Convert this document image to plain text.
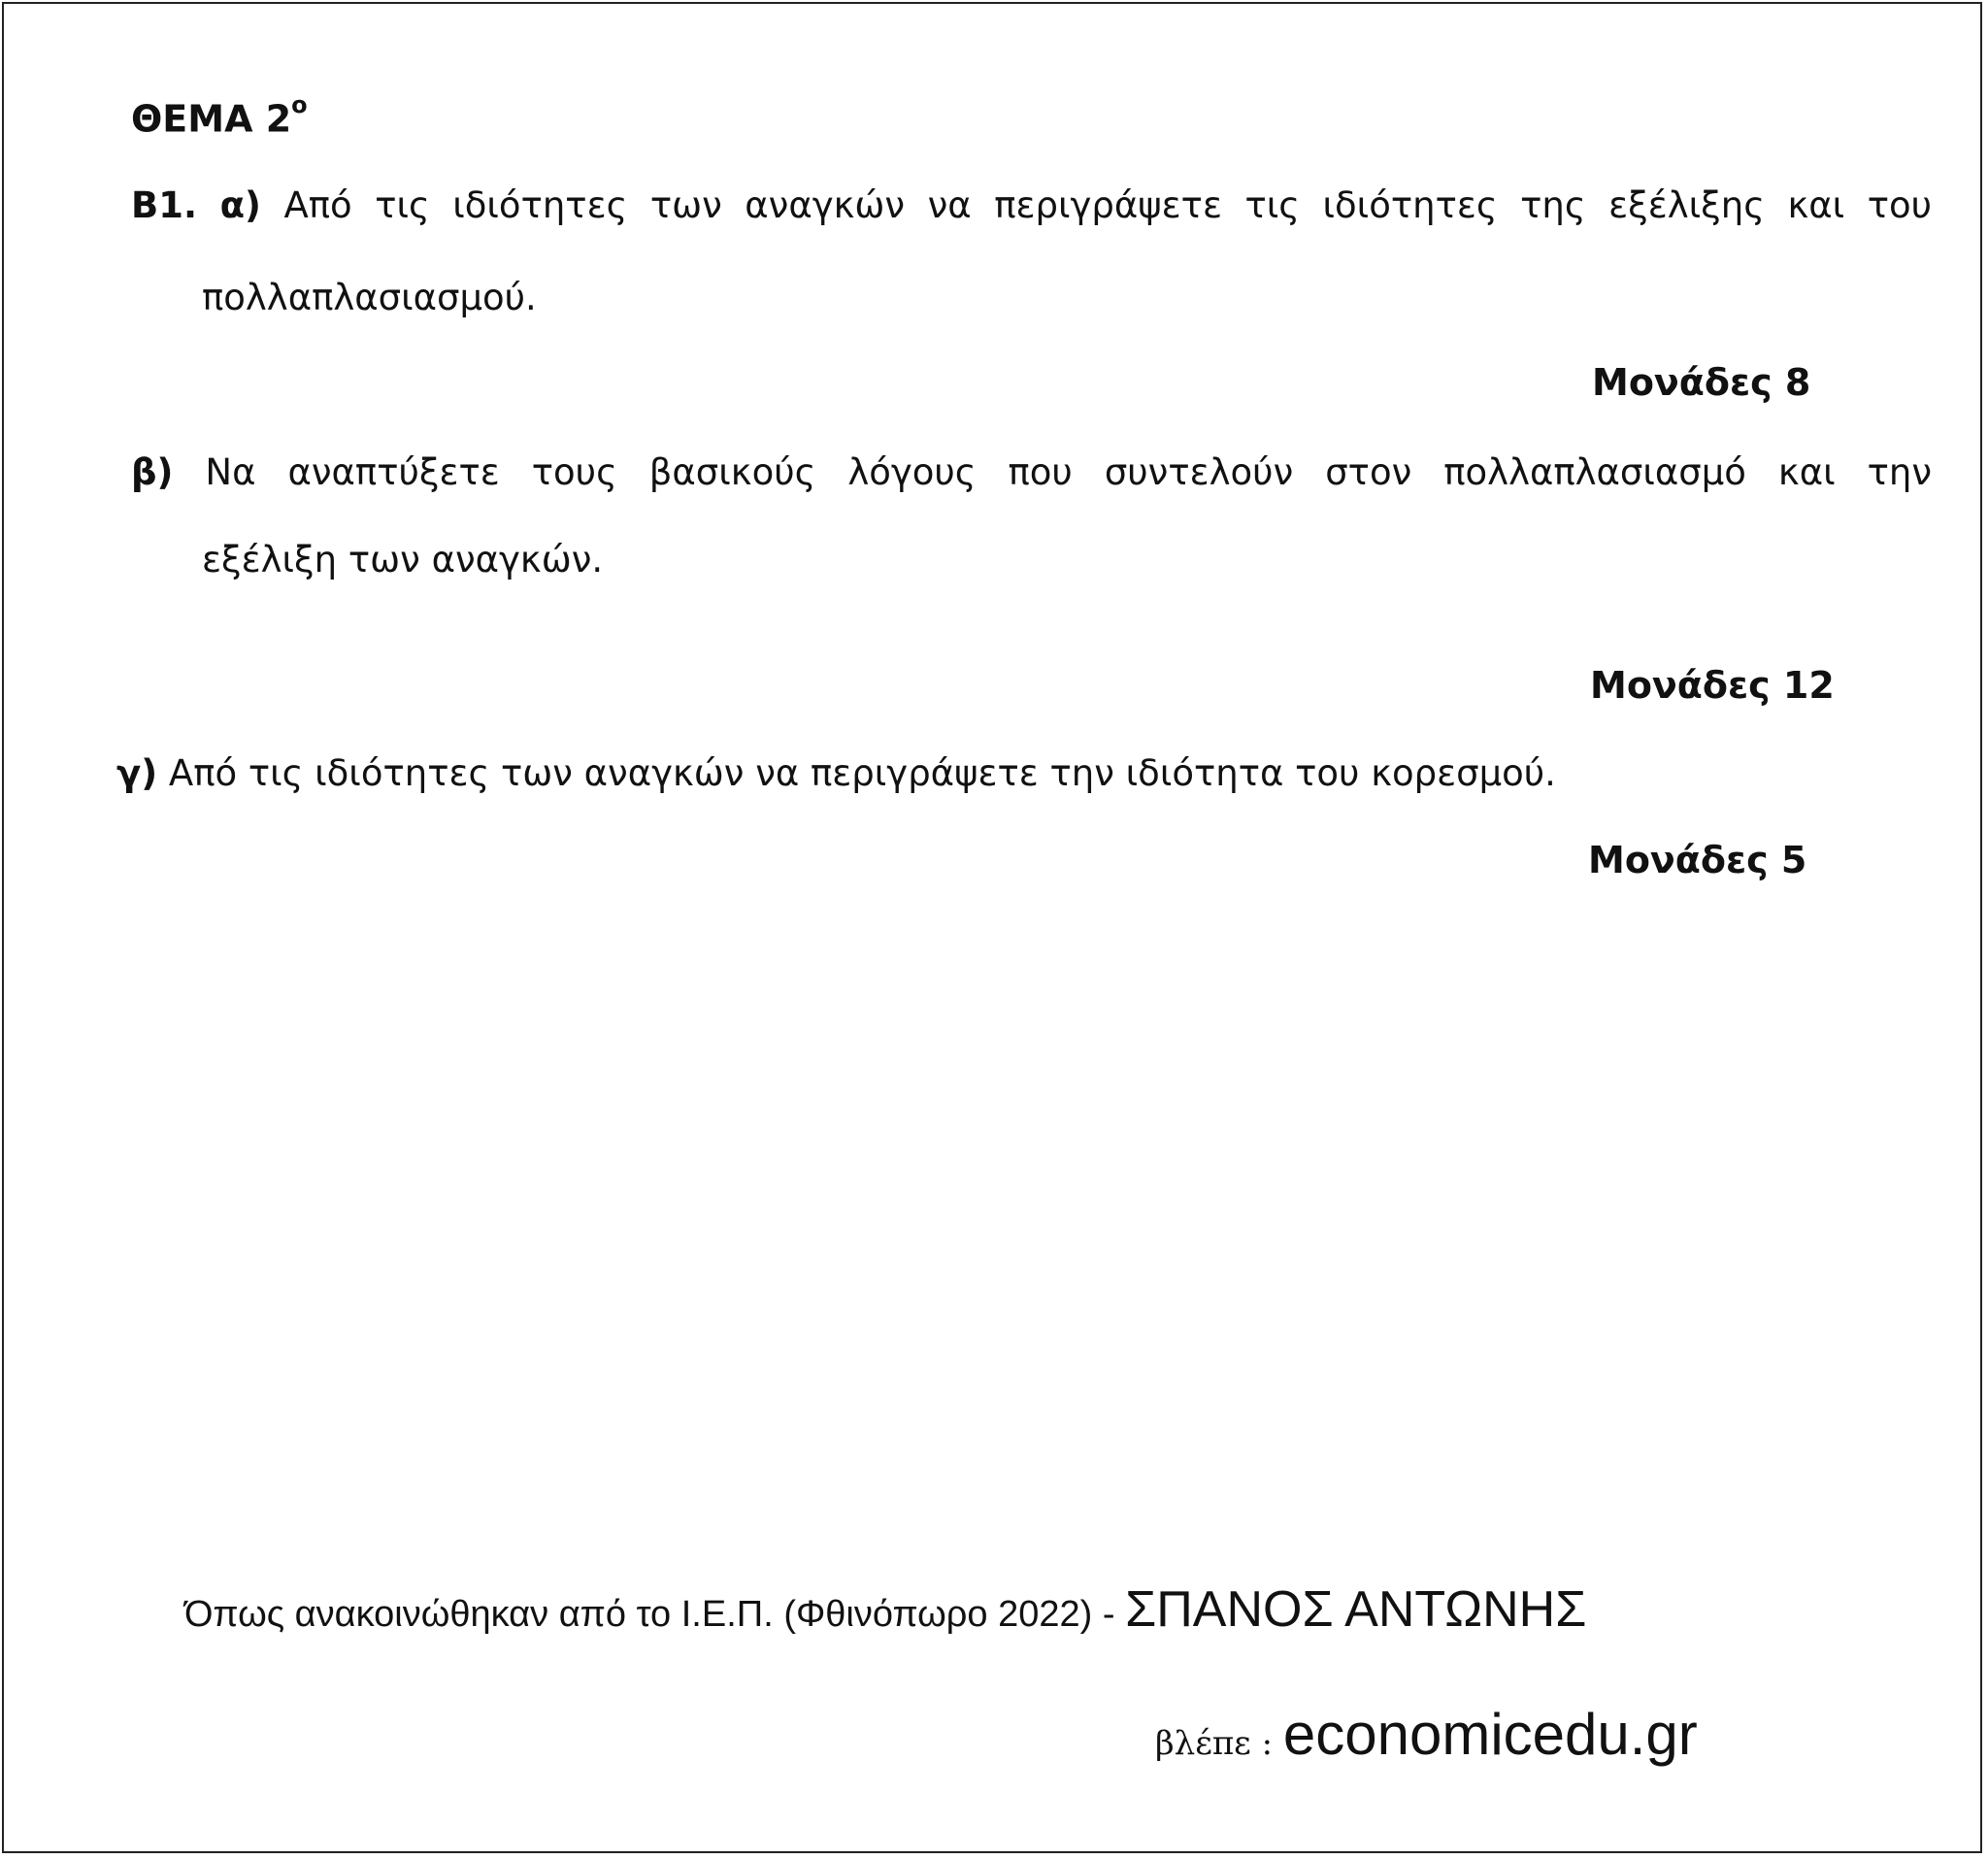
ΘΕΜΑ $2^o$
Β1. α) Από τις ιδιότητες των αναγκών να περιγράψετε τις ιδιότητες της εξέλιξης και του
πολλαπλασιασμού.
Μονάδες 8
β) Να αναπτύξετε τους βασικούς λόγους που συντελούν στον πολλαπλασιασμό και την
εξέλιξη των αναγκών.
Μονάδες 12
γ) Από τις ιδιότητες των αναγκών να περιγράψετε την ιδιότητα του κορεσμού.
Μονάδες 5
Όπως ανακοινώθηκαν από το Ι.Ε.Π. (Φθινόπωρο 2022) - ΣΠΑΝΟΣ ΑΝΤΩΝΗΣ
βλέπε : economicedu.gr
